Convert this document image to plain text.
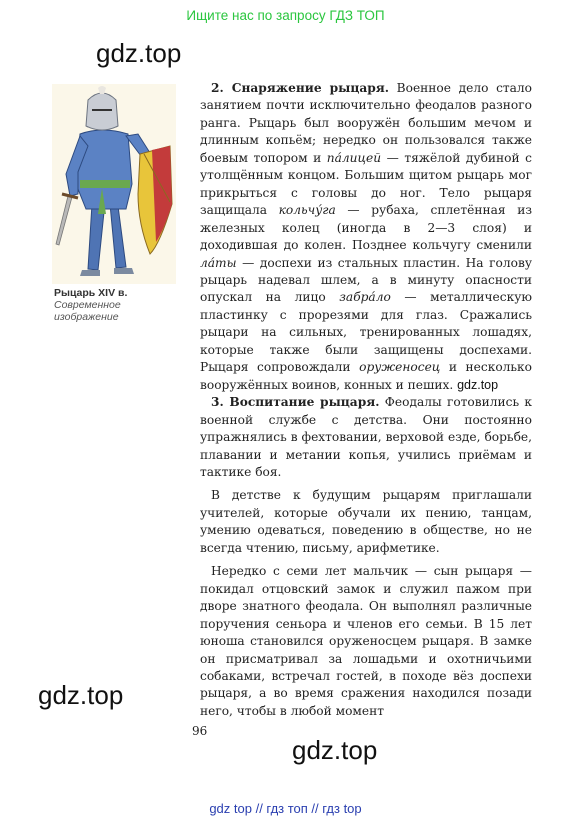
Ищите нас по запросу ГДЗ ТОП
gdz.top
Рыцарь XIV в.
Современное изображение

2. Снаряжение рыцаря. Военное дело стало занятием почти исключительно феодалов разного ранга. Рыцарь был вооружён большим мечом и длинным копьём; нередко он пользовался также боевым топором и па́лицей — тяжёлой дубиной с утолщённым концом. Большим щитом рыцарь мог прикрыться с головы до ног. Тело рыцаря защищала кольчу́га — рубаха, сплетённая из железных колец (иногда в 2—3 слоя) и доходившая до колен. Позднее кольчугу сменили ла́ты — доспехи из стальных пластин. На голову рыцарь надевал шлем, а в минуту опасности опускал на лицо забра́ло — металлическую пластинку с прорезями для глаз. Сражались рыцари на сильных, тренированных лошадях, которые также были защищены доспехами. Рыцаря сопровождали оруженосец и несколько вооружённых воинов, конных и пеших. gdz.top

3. Воспитание рыцаря. Феодалы готовились к военной службе с детства. Они постоянно упражнялись в фехтовании, верховой езде, борьбе, плавании и метании копья, учились приёмам и тактике боя.

В детстве к будущим рыцарям приглашали учителей, которые обучали их пению, танцам, умению одеваться, поведению в обществе, но не всегда чтению, письму, арифметике.

Нередко с семи лет мальчик — сын рыцаря — покидал отцовский замок и служил пажом при дворе знатного феодала. Он выполнял различные поручения сеньора и членов его семьи. В 15 лет юноша становился оруженосцем рыцаря. В замке он присматривал за лошадьми и охотничьими собаками, встречал гостей, в походе вёз доспехи рыцаря, а во время сражения находился позади него, чтобы в любой момент

gdz.top
96
gdz.top
gdz top // гдз топ // гдз top
